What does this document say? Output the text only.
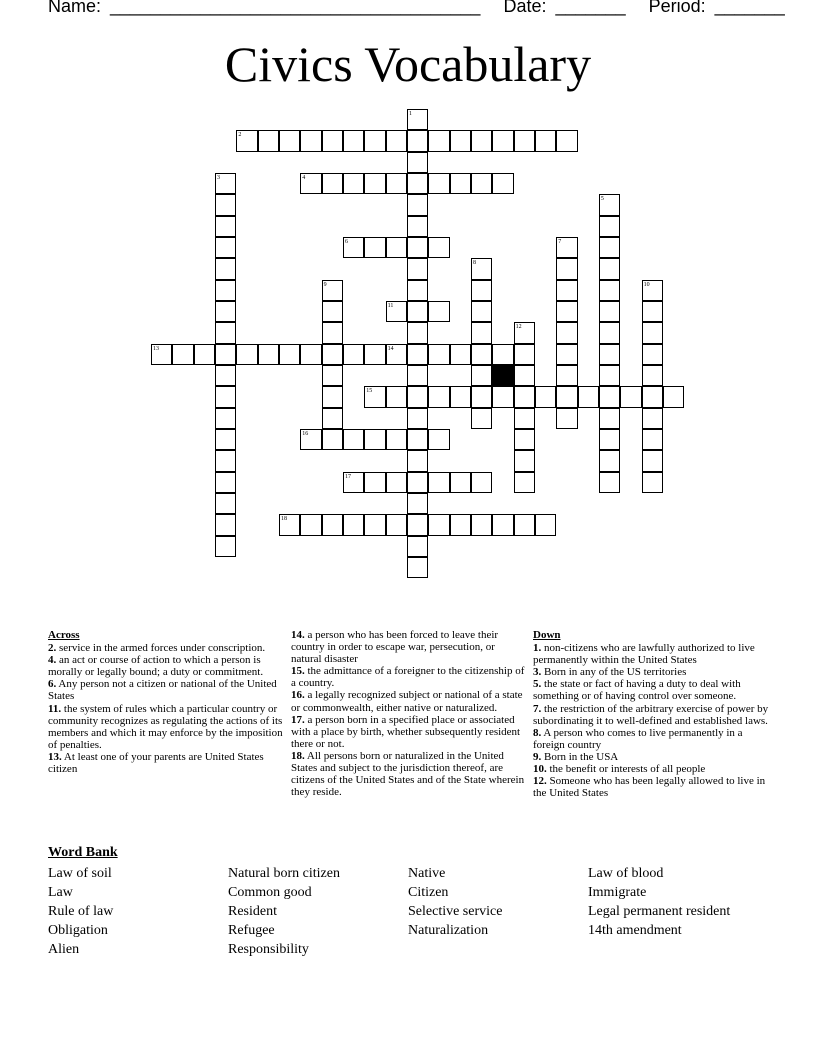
Name: _____________________________________ Date: _______ Period: _______
Civics Vocabulary
1
2
3	4
5
6	7
8
9	10
11
12
13	14
15
16
17
18
Across
2. service in the armed forces under conscription.
4. an act or course of action to which a person is morally or legally bound; a duty or commitment.
6. Any person not a citizen or national of the United States
11. the system of rules which a particular country or community recognizes as regulating the actions of its members and which it may enforce by the imposition of penalties.
13. At least one of your parents are United States citizen
14. a person who has been forced to leave their country in order to escape war, persecution, or natural disaster
15. the admittance of a foreigner to the citizenship of a country.
16. a legally recognized subject or national of a state or commonwealth, either native or naturalized.
17. a person born in a specified place or associated with a place by birth, whether subsequently resident there or not.
18. All persons born or naturalized in the United States and subject to the jurisdiction thereof, are citizens of the United States and of the State wherein they reside.
Down
1. non-citizens who are lawfully authorized to live permanently within the United States
3. Born in any of the US territories
5. the state or fact of having a duty to deal with something or of having control over someone.
7. the restriction of the arbitrary exercise of power by subordinating it to well-defined and established laws.
8. A person who comes to live permanently in a foreign country
9. Born in the USA
10. the benefit or interests of all people
12. Someone who has been legally allowed to live in the United States
Word Bank
Law of soil
Law
Rule of law
Obligation
Alien
Natural born citizen
Common good
Resident
Refugee
Responsibility
Native
Citizen
Selective service
Naturalization
Law of blood
Immigrate
Legal permanent resident
14th amendment
